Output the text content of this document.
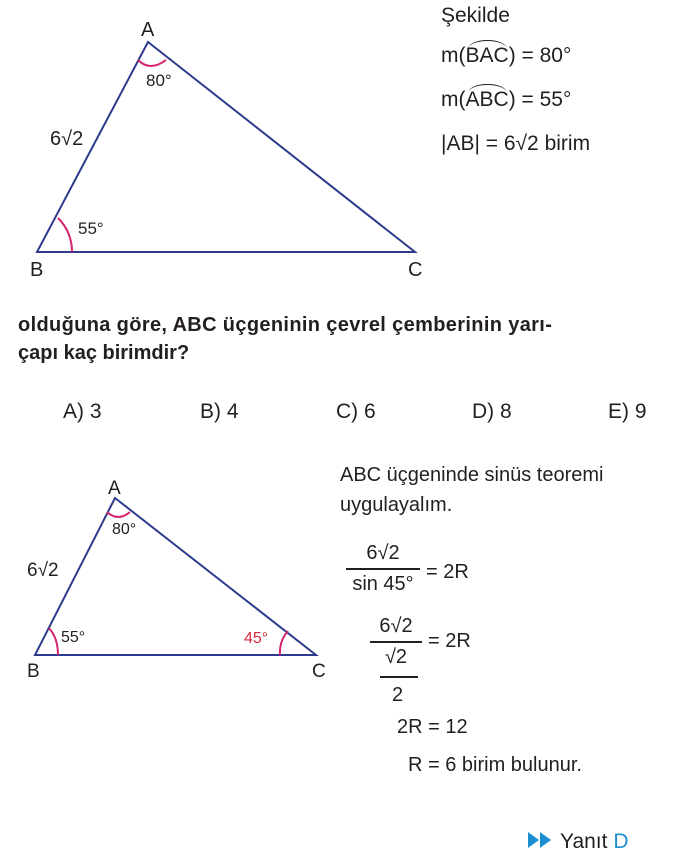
A
B	C
80°
55°
6√2
Şekilde
m(BAC) = 80°
m(ABC) = 55°
|AB| = 6√2 birim
olduğuna göre, ABC üçgeninin çevrel çemberinin yarı-
çapı kaç birimdir?
A) 3	B) 4	C) 6	D) 8	E) 9
A
B	C
80°
55°	45°
6√2
ABC üçgeninde sinüs teoremi
uygulayalım.
6√2
sin 45°
= 2R
6√2
√2
2
= 2R
2R = 12
R = 6 birim bulunur.
Yanıt D
